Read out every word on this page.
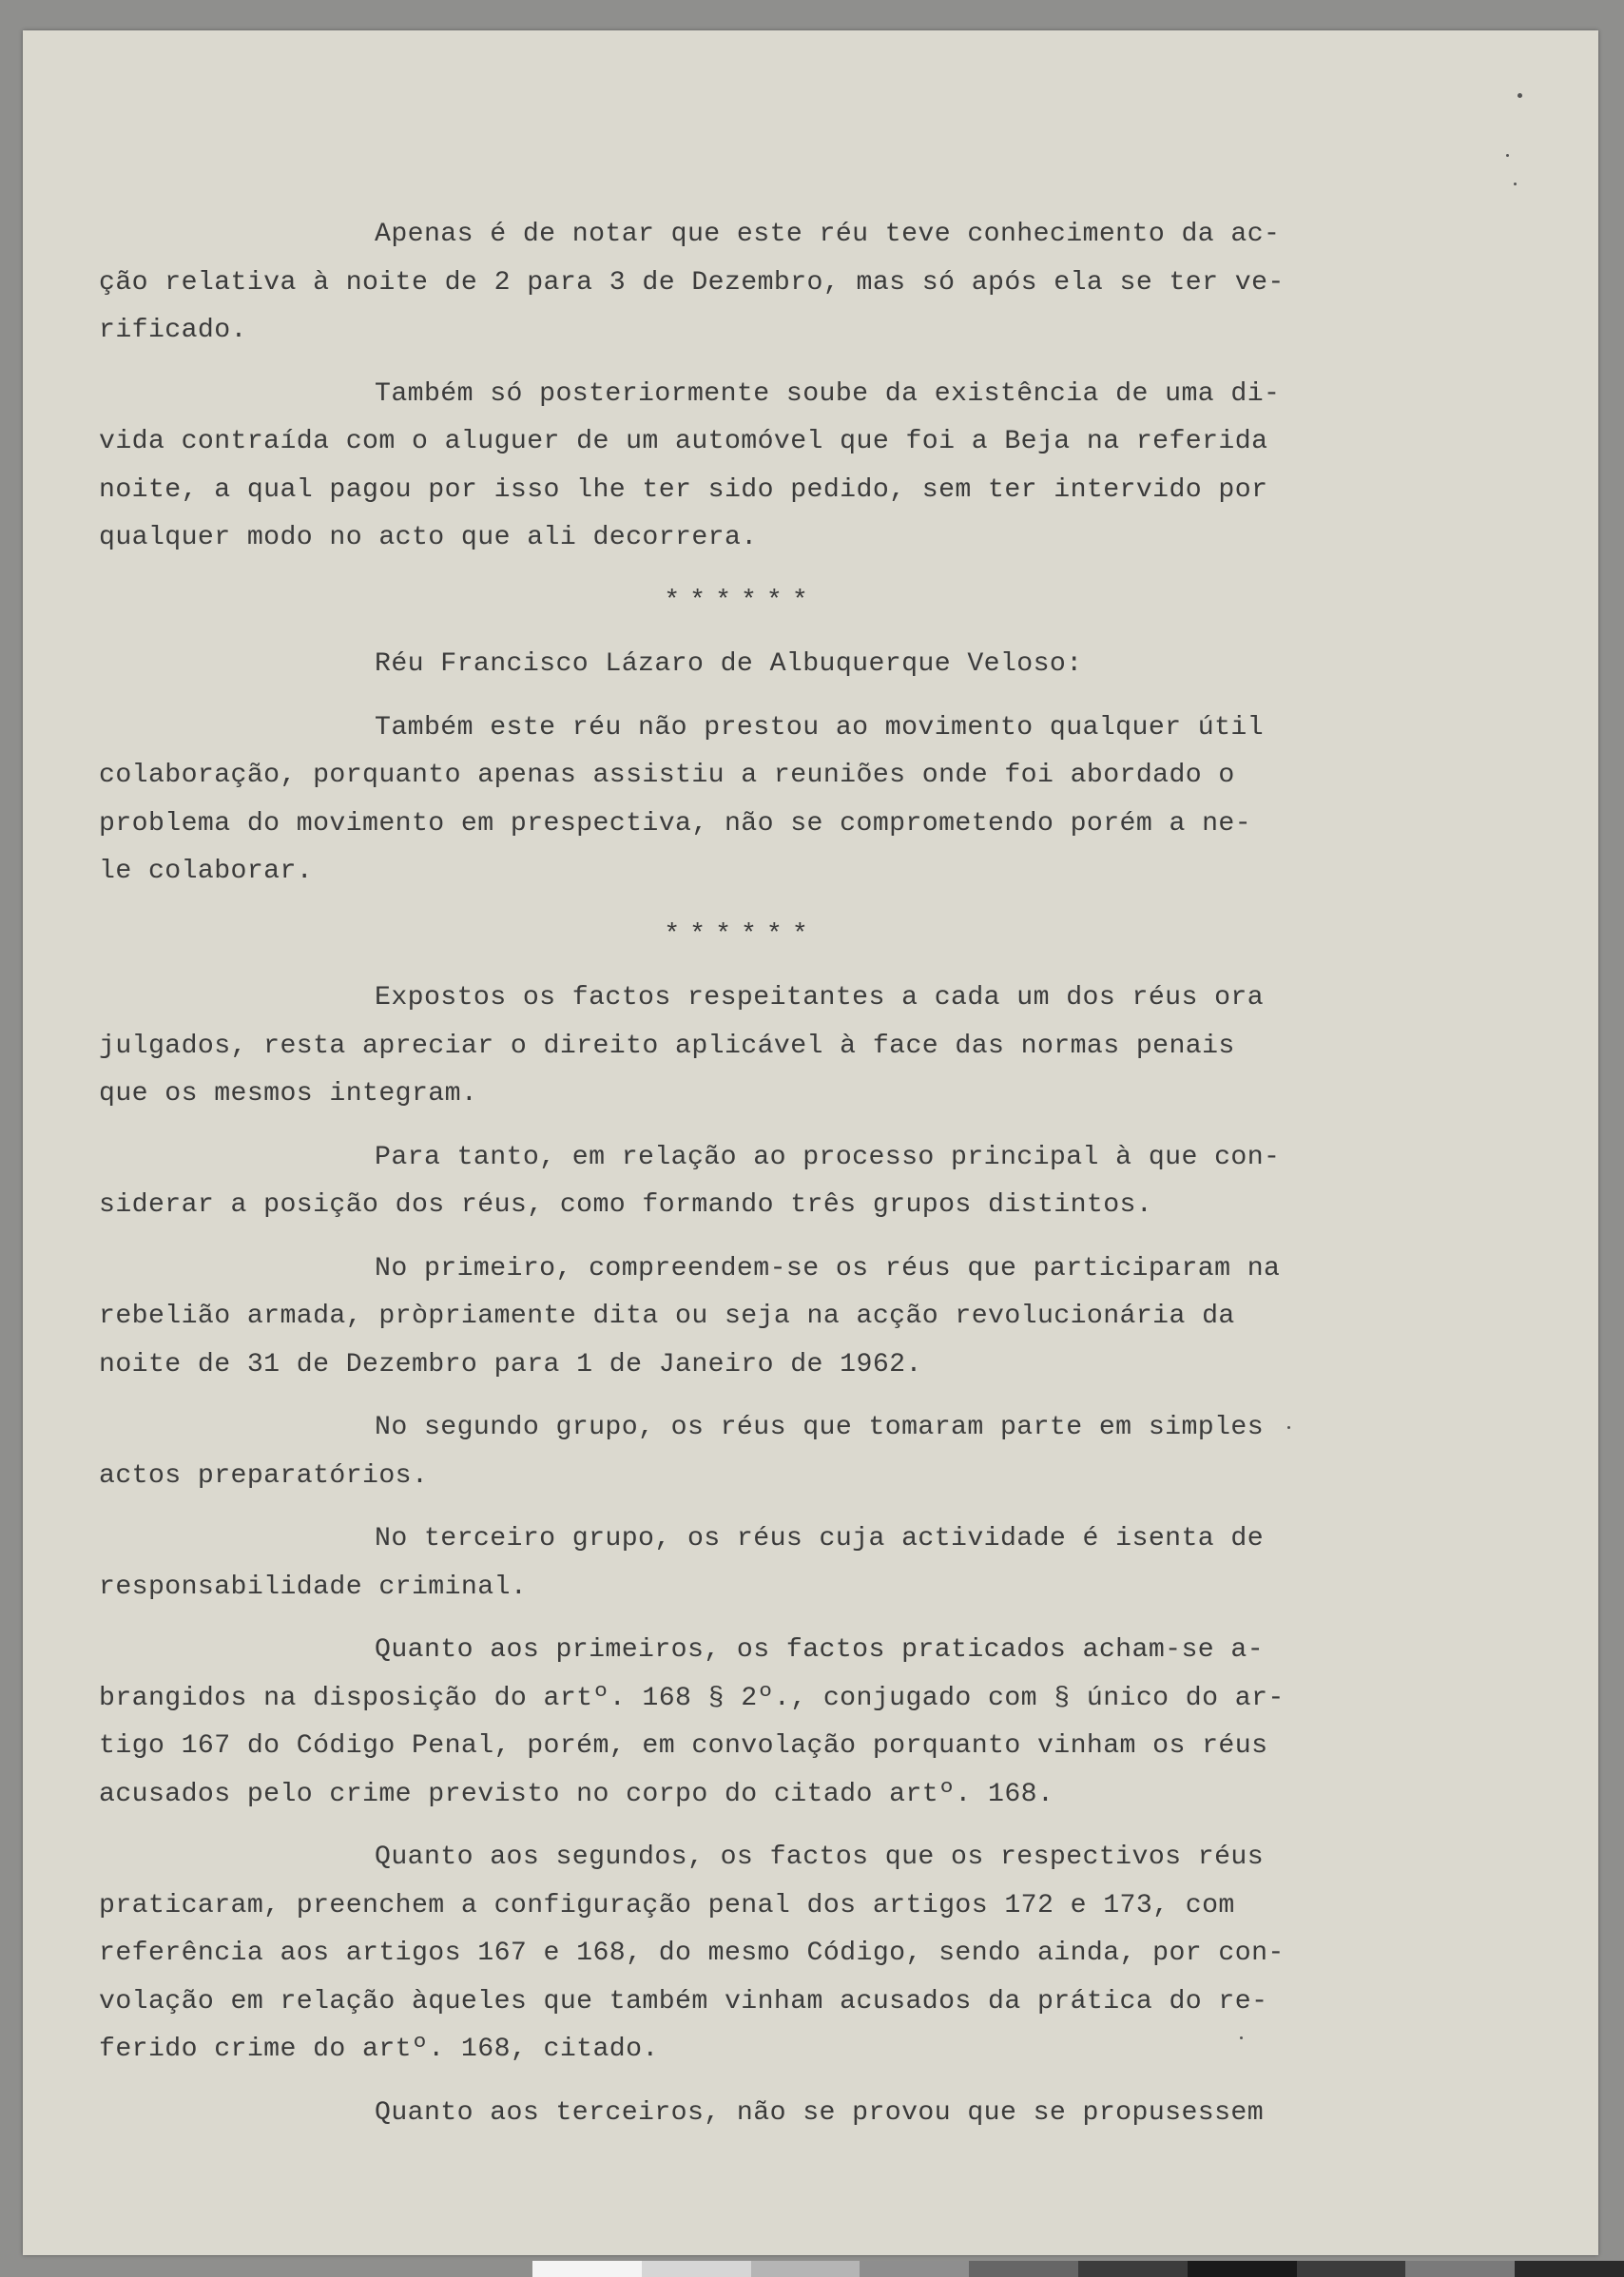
Apenas é de notar que este réu teve conhecimento da ac-
ção relativa à noite de 2 para 3 de Dezembro, mas só após ela se ter ve-
rificado.
Também só posteriormente soube da existência de uma di-
vida contraída com o aluguer de um automóvel que foi a Beja na referida
noite, a qual pagou por isso lhe ter sido pedido, sem ter intervido por
qualquer modo no acto que ali decorrera.
******
Réu Francisco Lázaro de Albuquerque Veloso:
Também este réu não prestou ao movimento qualquer útil
colaboração, porquanto apenas assistiu a reuniões onde foi abordado o
problema do movimento em prespectiva, não se comprometendo porém a ne-
le colaborar.
******
Expostos os factos respeitantes a cada um dos réus ora
julgados, resta apreciar o direito aplicável à face das normas penais
que os mesmos integram.
Para tanto, em relação ao processo principal à que con-
siderar a posição dos réus, como formando três grupos distintos.
No primeiro, compreendem-se os réus que participaram na
rebelião armada, pròpriamente dita ou seja na acção revolucionária da
noite de 31 de Dezembro para 1 de Janeiro de 1962.
No segundo grupo, os réus que tomaram parte em simples
actos preparatórios.
No terceiro grupo, os réus cuja actividade é isenta de
responsabilidade criminal.
Quanto aos primeiros, os factos praticados acham-se a-
brangidos na disposição do artº. 168 § 2º., conjugado com § único do ar-
tigo 167 do Código Penal, porém, em convolação porquanto vinham os réus
acusados pelo crime previsto no corpo do citado artº. 168.
Quanto aos segundos, os factos que os respectivos réus
praticaram, preenchem a configuração penal dos artigos 172 e 173, com
referência aos artigos 167 e 168, do mesmo Código, sendo ainda, por con-
volação em relação àqueles que também vinham acusados da prática do re-
ferido crime do artº. 168, citado.
Quanto aos terceiros, não se provou que se propusessem
